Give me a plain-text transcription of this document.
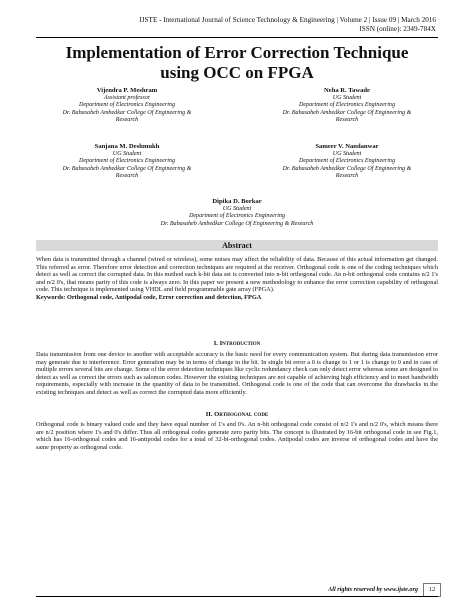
IJSTE - International Journal of Science Technology & Engineering | Volume 2 | Issue 09 | March 2016
ISSN (online): 2349-784X
Implementation of Error Correction Technique
using OCC on FPGA
Vijendra P. Meshram
Assistant professor
Department of Electronics Engineering
Dr. Babasaheb Ambedkar College Of Engineering &
Research
Neha R. Tawade
UG Student
Department of Electronics Engineering
Dr. Babasaheb Ambedkar College Of Engineering &
Research
Sanjana M. Deshmukh
UG Student
Department of Electronics Engineering
Dr. Babasaheb Ambedkar College Of Engineering &
Research
Sameer V. Nandanwar
UG Student
Department of Electronics Engineering
Dr. Babasaheb Ambedkar College Of Engineering &
Research
Dipika D. Borkar
UG Student
Department of Electronics Engineering
Dr. Babasaheb Ambedkar College Of Engineering & Research
Abstract
When data is transmitted through a channel (wired or wireless), some noises may affect the reliability of data. Because of this actual information get changed. This referred as error. Therefore error detection and correction techniques are required at the receiver. Orthogonal code is one of the coding techniques which detect as well as correct the corrupted data. In this method each k-bit data set is converted into n-bit orthogonal code. An n-bit orthogonal code contains n/2 1's and n/2 0's, that means parity of this code is always zero. In this paper we present a new methodology to enhance the error correction capability of orthogonal code. This technique is implemented using VHDL and field programmable gate array (FPGA).
Keywords: Orthogonal code, Antipodal code, Error correction and detection, FPGA
I. Introduction
Data transmission from one device to another with acceptable accuracy is the basic need for every communication system. But during data transmission error may generate due to interference. Error generation may be in terms of change in the bit. In single bit error a 0 is change to 1 or 1 is change to 0 and in case of multiple errors several bits are change. Some of the error detection techniques like cyclic redundancy check can only detect error whereas some are designed to detect as well as correct the errors such as salomon codes. However the existing techniques are not capable of achieving high efficiency and to meet bandwidth requirements, especially with increase in the quantity of data to be transmitted. Orthogonal code is one of the code that can overcome the drawbacks in the existing techniques and detect as well as correct the corrupted data more efficiently.
II. Orthogonal code
Orthogonal code is binary valued code and they have equal number of 1's and 0's. An n-bit orthogonal code consist of n/2 1's and n/2 0's, which means there are n/2 position where 1's and 0's differ. Thus all orthogonal codes generate zero parity bits. The concept is illustrated by 16-bit orthogonal code in see Fig.1, which has 16-orthogonal codes and 16-antipodal codes for a total of 32-bi-orthogonal codes. Antipodal codes are inverse of orthogonal codes and have the same property as orthogonal code.
All rights reserved by www.ijste.org	12
